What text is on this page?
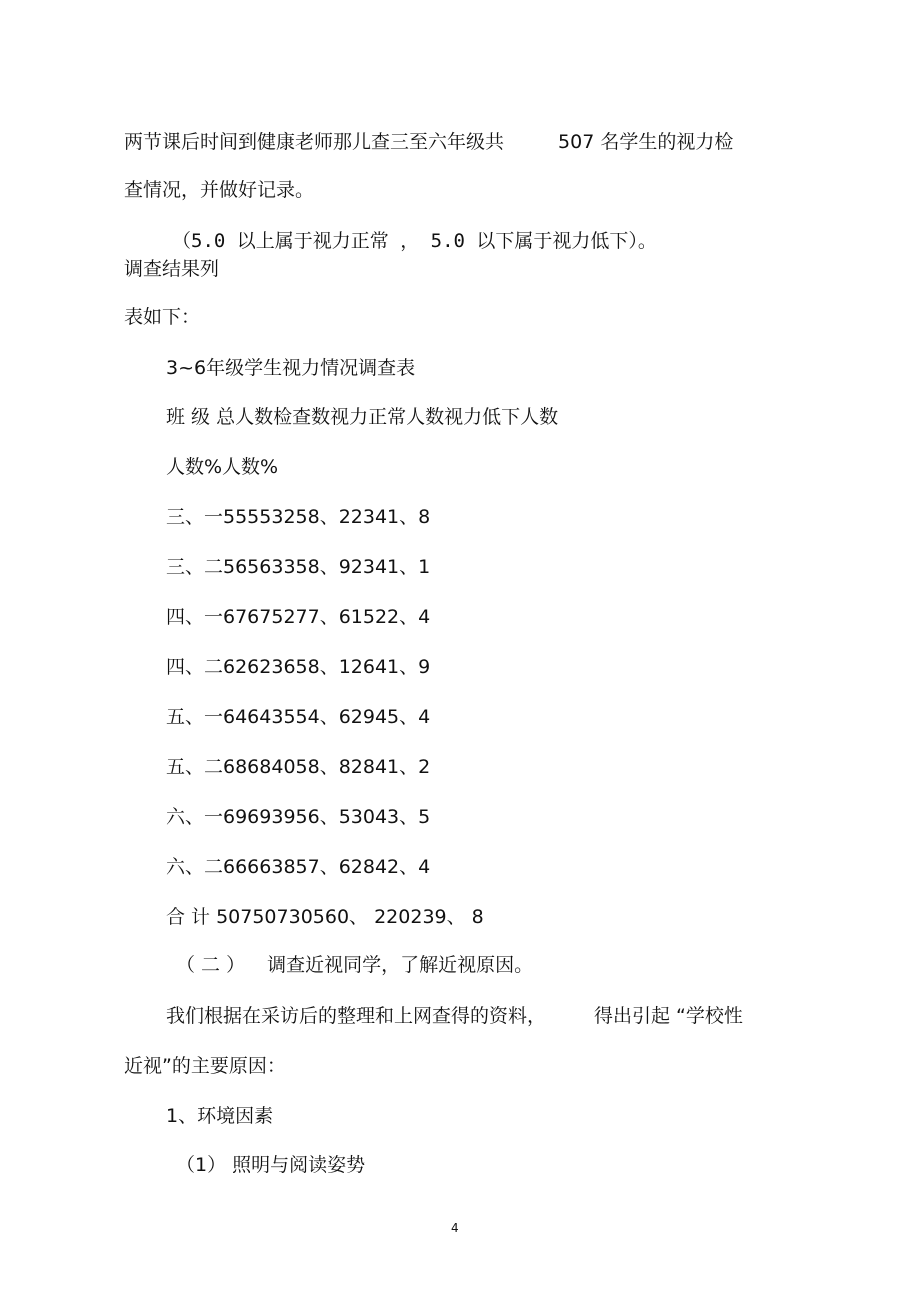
两节课后时间到健康老师那儿查三至六年级共	507 名学生的视力检
查情况，并做好记录。
（5.0 以上属于视力正常 ， 5.0 以下属于视力低下）。
调查结果列
表如下：
3~6年级学生视力情况调查表
班 级 总人数检查数视力正常人数视力低下人数
人数%人数%
三、一55553258、22341、8
三、二56563358、92341、1
四、一67675277、61522、4
四、二62623658、12641、9
五、一64643554、62945、4
五、二68684058、82841、2
六、一69693956、53043、5
六、二66663857、62842、4
合 计 50750730560、 220239、 8
（ 二 ） 调查近视同学，了解近视原因。
我们根据在采访后的整理和上网查得的资料，	得出引起 “学校性
近视”的主要原因：
1、环境因素
（1） 照明与阅读姿势
4
